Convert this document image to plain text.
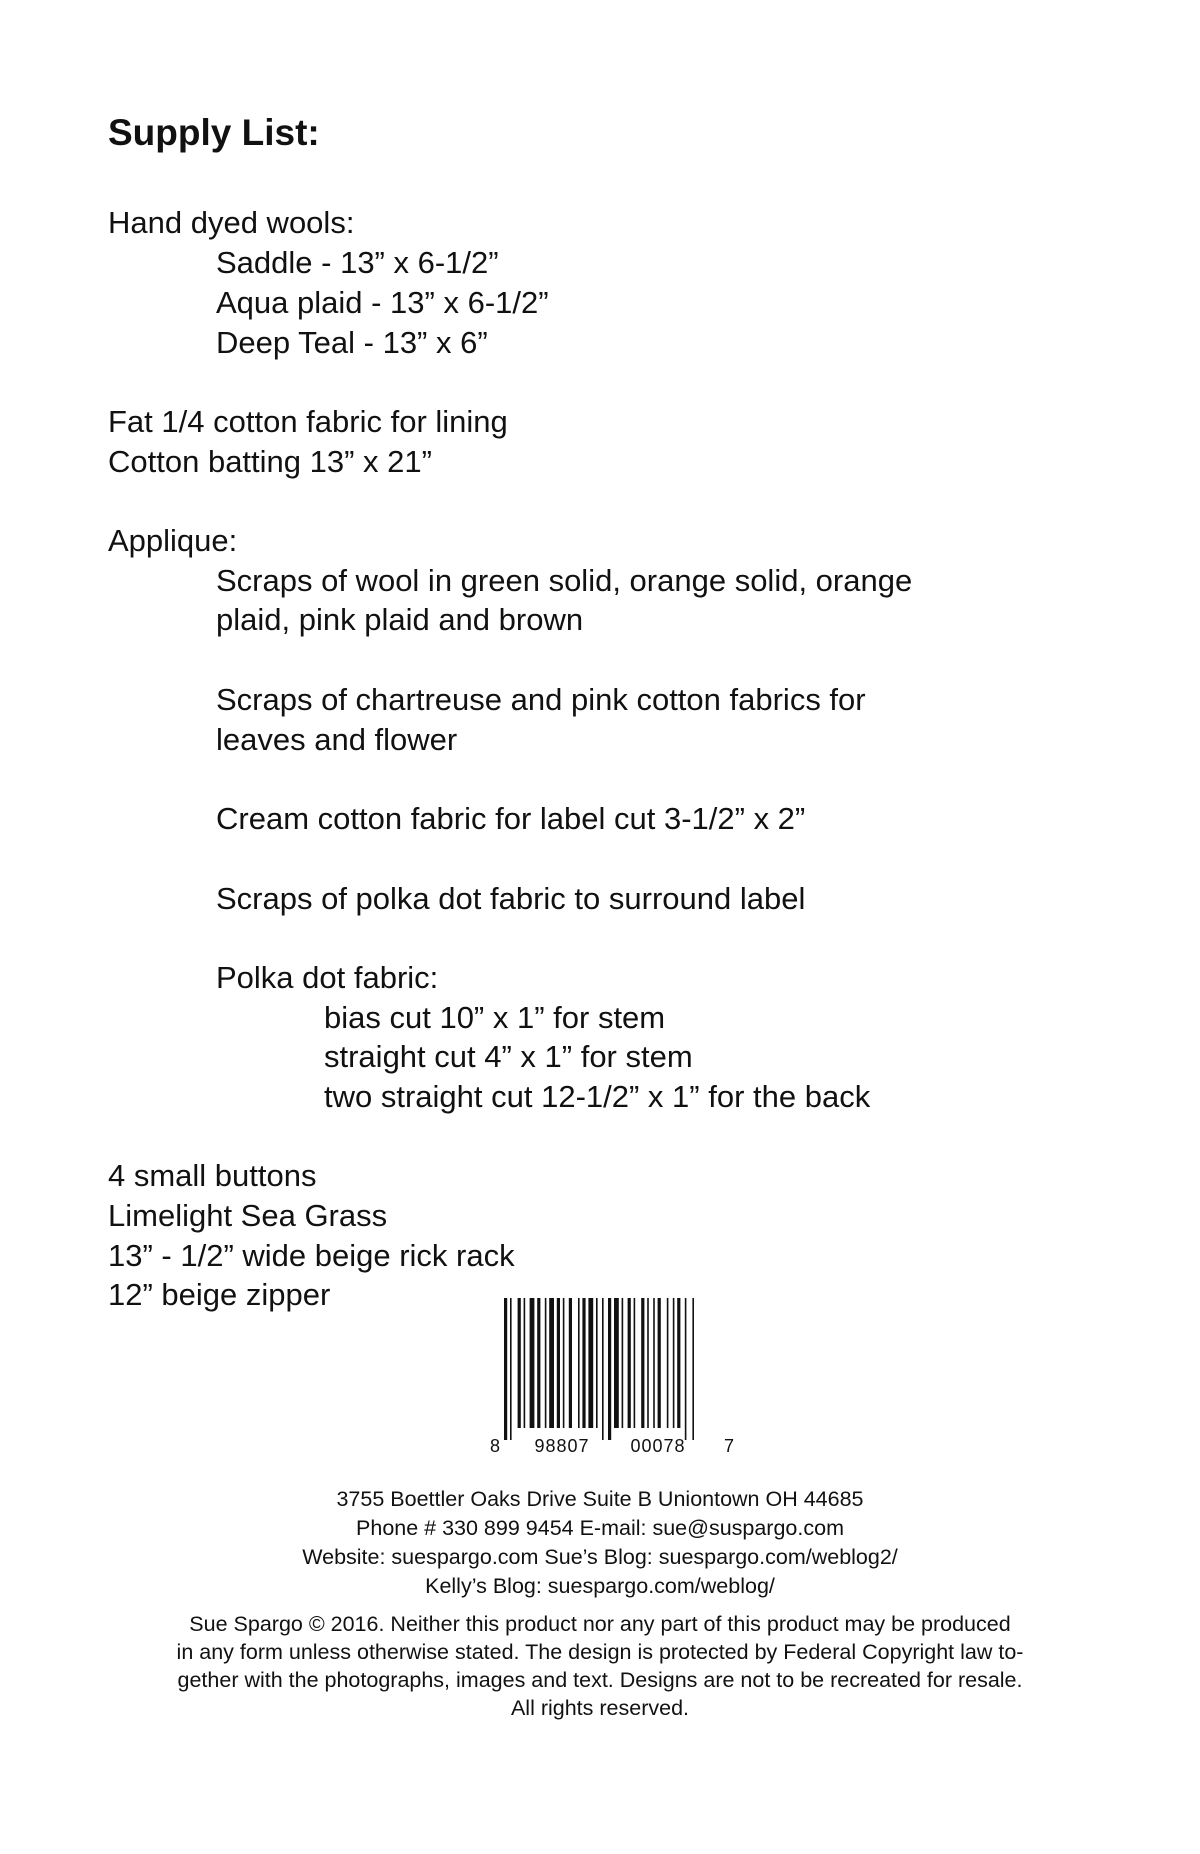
Supply List:
Hand dyed wools:
Saddle - 13” x 6-1/2”
Aqua plaid - 13” x 6-1/2”
Deep Teal - 13” x 6”
Fat 1/4 cotton fabric for lining
Cotton batting 13” x 21”
Applique:
Scraps of wool in green solid, orange solid, orange
plaid, pink plaid and brown
Scraps of chartreuse and pink cotton fabrics for
leaves and flower
Cream cotton fabric for label cut 3-1/2” x 2”
Scraps of polka dot fabric to surround label
Polka dot fabric:
bias cut 10” x 1” for stem
straight cut 4” x 1” for stem
two straight cut 12-1/2” x 1” for the back
4 small buttons
Limelight Sea Grass
13” - 1/2” wide beige rick rack
12” beige zipper
8 98807 00078 7
3755 Boettler Oaks Drive Suite B Uniontown OH 44685
Phone # 330 899 9454 E-mail: sue@suspargo.com
Website: suespargo.com Sue’s Blog: suespargo.com/weblog2/
Kelly’s Blog: suespargo.com/weblog/
Sue Spargo © 2016. Neither this product nor any part of this product may be produced
in any form unless otherwise stated. The design is protected by Federal Copyright law to-
gether with the photographs, images and text. Designs are not to be recreated for resale.
All rights reserved.
